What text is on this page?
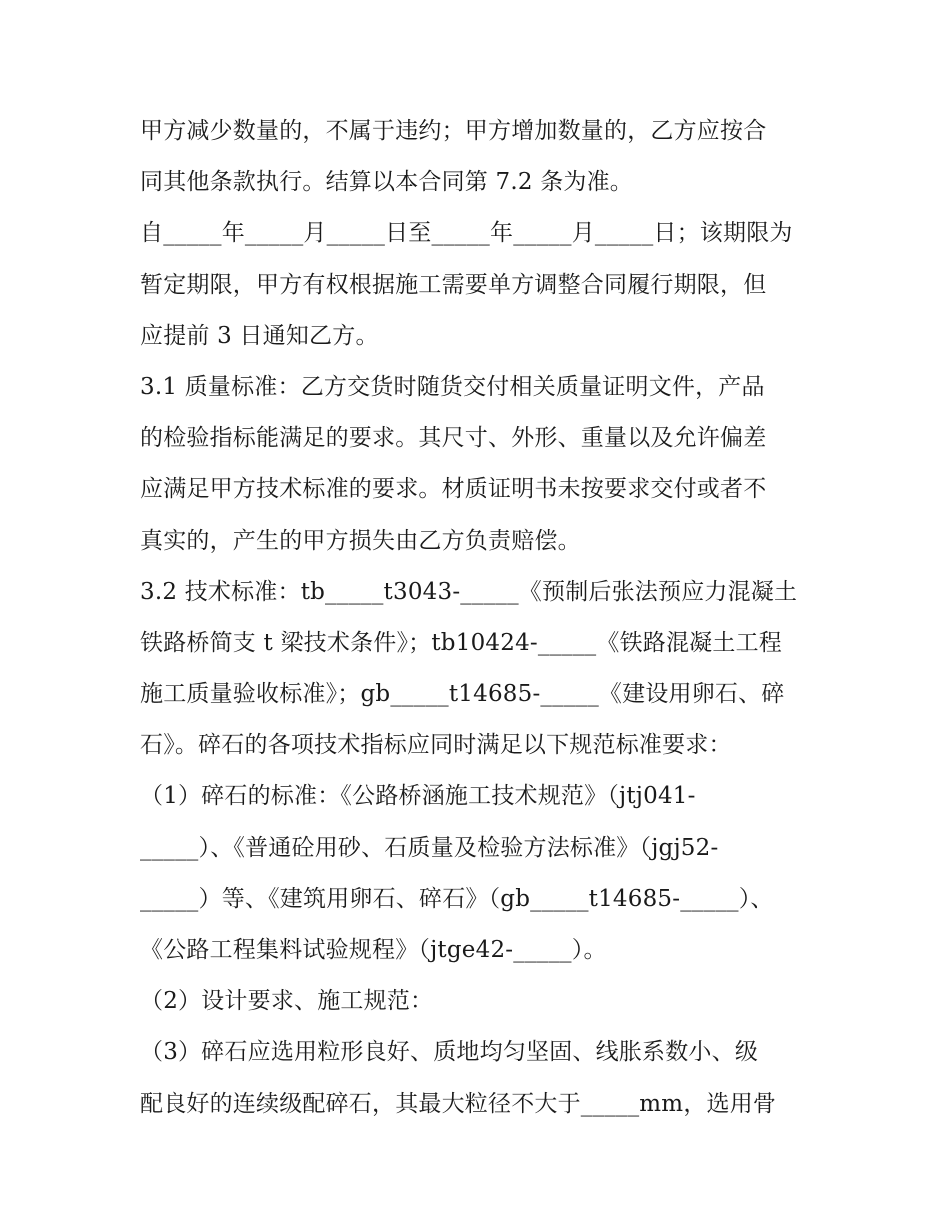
甲方减少数量的，不属于违约；甲方增加数量的，乙方应按合
同其他条款执行。结算以本合同第 7.2 条为准。
自_____年_____月_____日至_____年_____月_____日；该期限为
暂定期限，甲方有权根据施工需要单方调整合同履行期限，但
应提前 3 日通知乙方。
3.1 质量标准：乙方交货时随货交付相关质量证明文件，产品
的检验指标能满足的要求。其尺寸、外形、重量以及允许偏差
应满足甲方技术标准的要求。材质证明书未按要求交付或者不
真实的，产生的甲方损失由乙方负责赔偿。
3.2 技术标准：tb_____t3043-_____《预制后张法预应力混凝土
铁路桥简支 t 梁技术条件》；tb10424-_____《铁路混凝土工程
施工质量验收标准》；gb_____t14685-_____《建设用卵石、碎
石》。碎石的各项技术指标应同时满足以下规范标准要求：
（1）碎石的标准：《公路桥涵施工技术规范》（jtj041-
_____）、《普通砼用砂、石质量及检验方法标准》（jgj52-
_____）等、《建筑用卵石、碎石》（gb_____t14685-_____）、
《公路工程集料试验规程》（jtge42-_____）。
（2）设计要求、施工规范：
（3）碎石应选用粒形良好、质地均匀坚固、线胀系数小、级
配良好的连续级配碎石，其最大粒径不大于_____mm，选用骨
